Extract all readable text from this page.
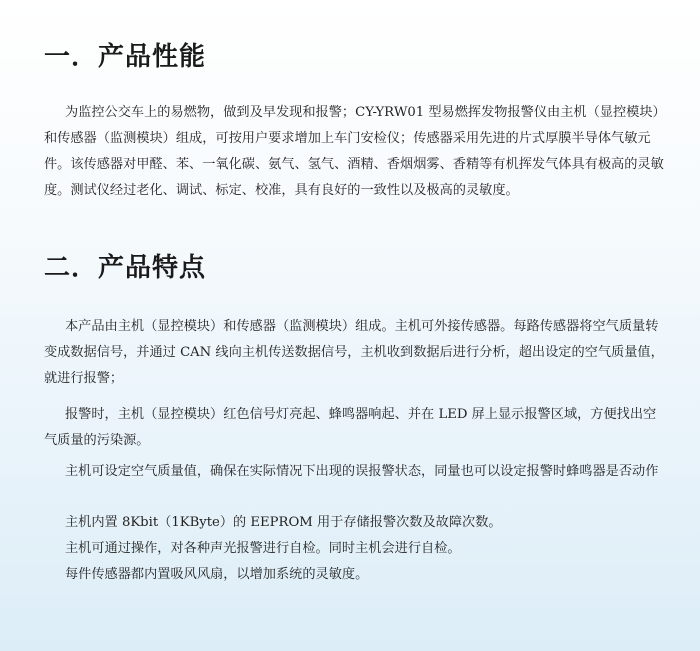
一．产品性能

为监控公交车上的易燃物，做到及早发现和报警；CY-YRW01 型易燃挥发物报警仪由主机（显控模块）和传感器（监测模块）组成，可按用户要求增加上车门安检仪；传感器采用先进的片式厚膜半导体气敏元件。该传感器对甲醛、苯、一氧化碳、氨气、氢气、酒精、香烟烟雾、香精等有机挥发气体具有极高的灵敏度。测试仪经过老化、调试、标定、校准，具有良好的一致性以及极高的灵敏度。

二．产品特点

本产品由主机（显控模块）和传感器（监测模块）组成。主机可外接传感器。每路传感器将空气质量转变成数据信号，并通过 CAN 线向主机传送数据信号，主机收到数据后进行分析，超出设定的空气质量值，就进行报警；

报警时，主机（显控模块）红色信号灯亮起、蜂鸣器响起、并在 LED 屏上显示报警区域，方便找出空气质量的污染源。

主机可设定空气质量值，确保在实际情况下出现的误报警状态，同量也可以设定报警时蜂鸣器是否动作

主机内置 8Kbit（1KByte）的 EEPROM 用于存储报警次数及故障次数。

主机可通过操作，对各种声光报警进行自检。同时主机会进行自检。

每件传感器都内置吸风风扇，以增加系统的灵敏度。
